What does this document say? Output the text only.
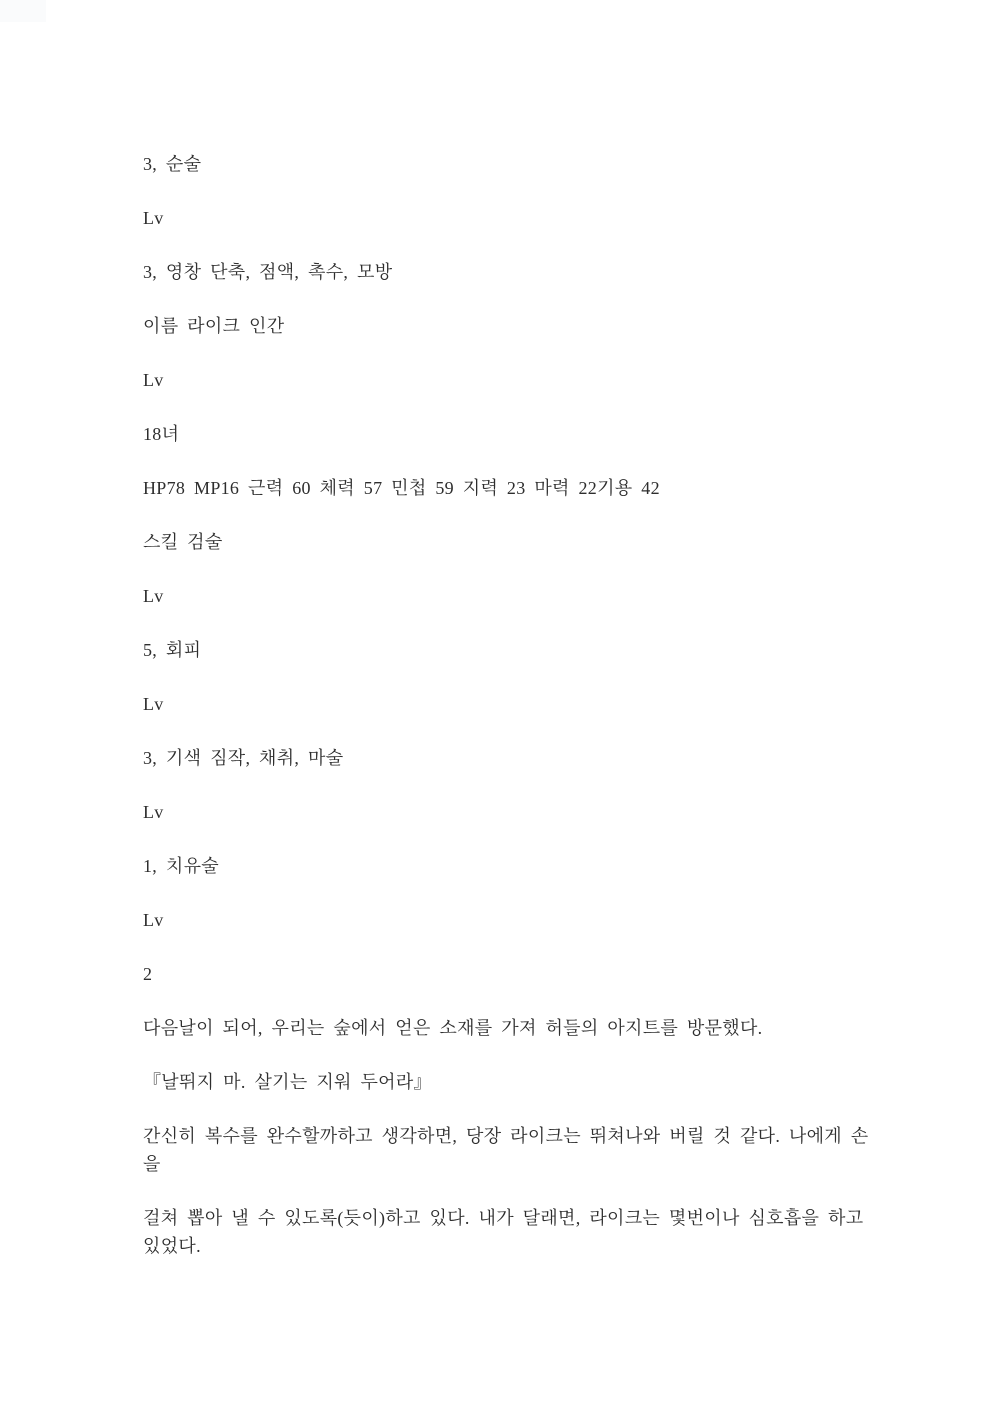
3, 순술

Lv

3, 영창 단축, 점액, 촉수, 모방

이름 라이크 인간

Lv

18녀

HP78 MP16 근력 60 체력 57 민첩 59 지력 23 마력 22기용 42

스킬 검술

Lv

5, 회피

Lv

3, 기색 짐작, 채취, 마술

Lv

1, 치유술

Lv

2

다음날이 되어, 우리는 숲에서 얻은 소재를 가져 허들의 아지트를 방문했다.

『날뛰지 마. 살기는 지워 두어라』

간신히 복수를 완수할까하고 생각하면, 당장 라이크는 뛰쳐나와 버릴 것 같다. 나에게 손을

걸쳐 뽑아 낼 수 있도록(듯이)하고 있다. 내가 달래면, 라이크는 몇번이나 심호흡을 하고 있었다.
